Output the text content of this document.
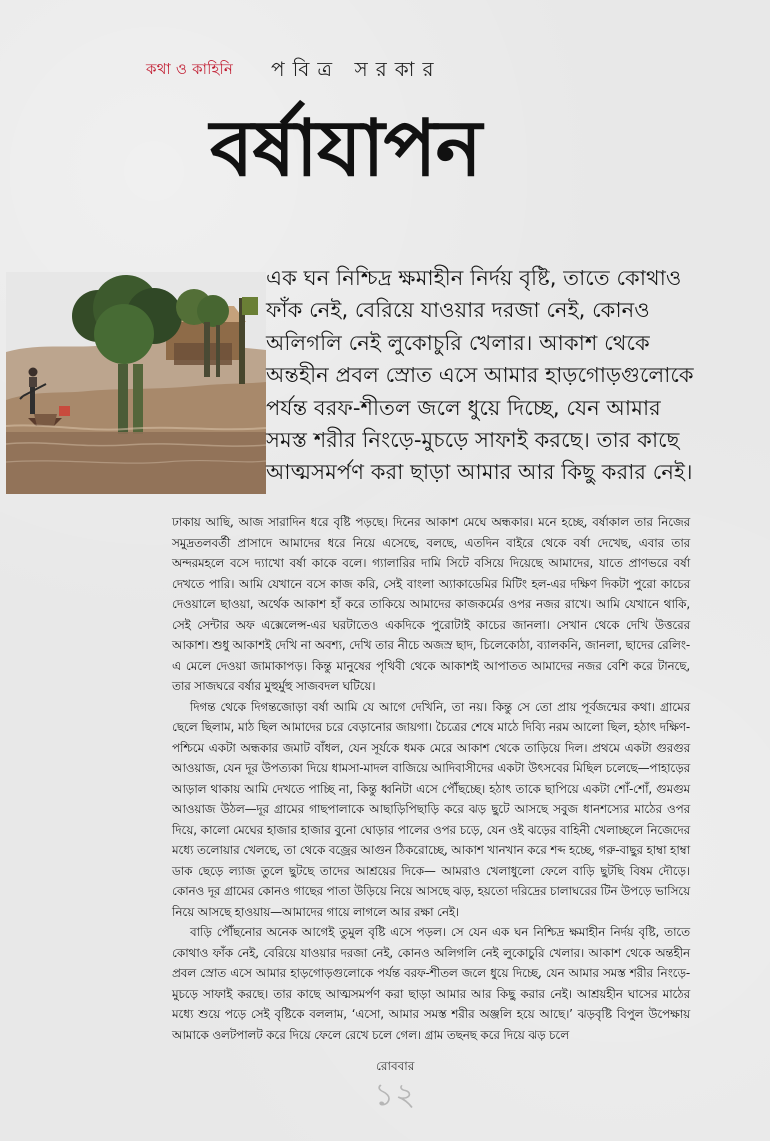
কথা ও কাহিনি পবিত্র সরকার
বর্ষাযাপন
এক ঘন নিশ্চিদ্র ক্ষমাহীন নির্দয় বৃষ্টি, তাতে কোথাও ফাঁক নেই, বেরিয়ে যাওয়ার দরজা নেই, কোনও অলিগলি নেই লুকোচুরি খেলার। আকাশ থেকে অন্তহীন প্রবল স্রোত এসে আমার হাড়গোড়গুলোকে পর্যন্ত বরফ-শীতল জলে ধুয়ে দিচ্ছে, যেন আমার সমস্ত শরীর নিংড়ে-মুচড়ে সাফাই করছে। তার কাছে আত্মসমর্পণ করা ছাড়া আমার আর কিছু করার নেই।

ঢাকায় আছি, আজ সারাদিন ধরে বৃষ্টি পড়ছে। দিনের আকাশ মেঘে অন্ধকার। মনে হচ্ছে, বর্ষাকাল তার নিজের সমুদ্রতলবর্তী প্রাসাদে আমাদের ধরে নিয়ে এসেছে, বলছে, এতদিন বাইরে থেকে বর্ষা দেখেছ, এবার তার অন্দরমহলে বসে দ্যাখো বর্ষা কাকে বলে। গ্যালারির দামি সিটে বসিয়ে দিয়েছে আমাদের, যাতে প্রাণভরে বর্ষা দেখতে পারি। আমি যেখানে বসে কাজ করি, সেই বাংলা অ্যাকাডেমির মিটিং হল-এর দক্ষিণ দিকটা পুরো কাচের দেওয়ালে ছাওয়া, অর্থেক আকাশ হাঁ করে তাকিয়ে আমাদের কাজকর্মের ওপর নজর রাখে। আমি যেখানে থাকি, সেই সেন্টার অফ এক্সেলেন্স-এর ঘরটাতেও একদিকে পুরোটাই কাচের জানলা। সেখান থেকে দেখি উত্তরের আকাশ। শুধু আকাশই দেখি না অবশ্য, দেখি তার নীচে অজস্র ছাদ, চিলেকোঠা, ব্যালকনি, জানলা, ছাদের রেলিং-এ মেলে দেওয়া জামাকাপড়। কিন্তু মানুষের পৃথিবী থেকে আকাশই আপাতত আমাদের নজর বেশি করে টানছে, তার সাজঘরে বর্ষার মুহুর্মুহু সাজবদল ঘটিয়ে।

দিগন্ত থেকে দিগন্তজোড়া বর্ষা আমি যে আগে দেখিনি, তা নয়। কিন্তু সে তো প্রায় পূর্বজন্মের কথা। গ্রামের ছেলে ছিলাম, মাঠ ছিল আমাদের চরে বেড়ানোর জায়গা। চৈত্রের শেষে মাঠে দিব্যি নরম আলো ছিল, হঠাৎ দক্ষিণ-পশ্চিমে একটা অন্ধকার জমাট বাঁধল, যেন সূর্যকে ধমক মেরে আকাশ থেকে তাড়িয়ে দিল। প্রথমে একটা গুরগুর আওয়াজ, যেন দূর উপত্যকা দিয়ে ধামসা-মাদল বাজিয়ে আদিবাসীদের একটা উৎসবের মিছিল চলেছে—পাহাড়ের আড়াল থাকায় আমি দেখতে পাচ্ছি না, কিন্তু ধ্বনিটা এসে পৌঁছচ্ছে। হঠাৎ তাকে ছাপিয়ে একটা শোঁ-শোঁ, গুমগুম আওয়াজ উঠল—দূর গ্রামের গাছপালাকে আছাড়িপিছাড়ি করে ঝড় ছুটে আসছে সবুজ ধানশস্যের মাঠের ওপর দিয়ে, কালো মেঘের হাজার হাজার বুনো ঘোড়ার পালের ওপর চড়ে, যেন ওই ঝড়ের বাহিনী খেলাচ্ছলে নিজেদের মধ্যে তলোয়ার খেলছে, তা থেকে বজ্রের আগুন ঠিকরোচ্ছে, আকাশ খানখান করে শব্দ হচ্ছে, গরু-বাছুর হাম্বা হাম্বা ডাক ছেড়ে ল্যাজ তুলে ছুটছে তাদের আশ্রয়ের দিকে— আমরাও খেলাধুলো ফেলে বাড়ি ছুটছি বিষম দৌড়ে। কোনও দূর গ্রামের কোনও গাছের পাতা উড়িয়ে নিয়ে আসছে ঝড়, হয়তো দরিদ্রের চালাঘরের টিন উপড়ে ভাসিয়ে নিয়ে আসছে হাওয়ায়—আমাদের গায়ে লাগলে আর রক্ষা নেই।

বাড়ি পৌঁছনোর অনেক আগেই তুমুল বৃষ্টি এসে পড়ল। সে যেন এক ঘন নিশ্চিদ্র ক্ষমাহীন নির্দয় বৃষ্টি, তাতে কোথাও ফাঁক নেই, বেরিয়ে যাওয়ার দরজা নেই, কোনও অলিগলি নেই লুকোচুরি খেলার। আকাশ থেকে অন্তহীন প্রবল স্রোত এসে আমার হাড়গোড়গুলোকে পর্যন্ত বরফ-শীতল জলে ধুয়ে দিচ্ছে, যেন আমার সমস্ত শরীর নিংড়ে-মুচড়ে সাফাই করছে। তার কাছে আত্মসমর্পণ করা ছাড়া আমার আর কিছু করার নেই। আশ্রয়হীন ঘাসের মাঠের মধ্যে শুয়ে পড়ে সেই বৃষ্টিকে বললাম, ‘এসো, আমার সমস্ত শরীর অঞ্জলি হয়ে আছে।’ ঝড়বৃষ্টি বিপুল উপেক্ষায় আমাকে ওলটপালট করে দিয়ে ফেলে রেখে চলে গেল। গ্রাম তছনছ করে দিয়ে ঝড় চলে

রোববার
১২
